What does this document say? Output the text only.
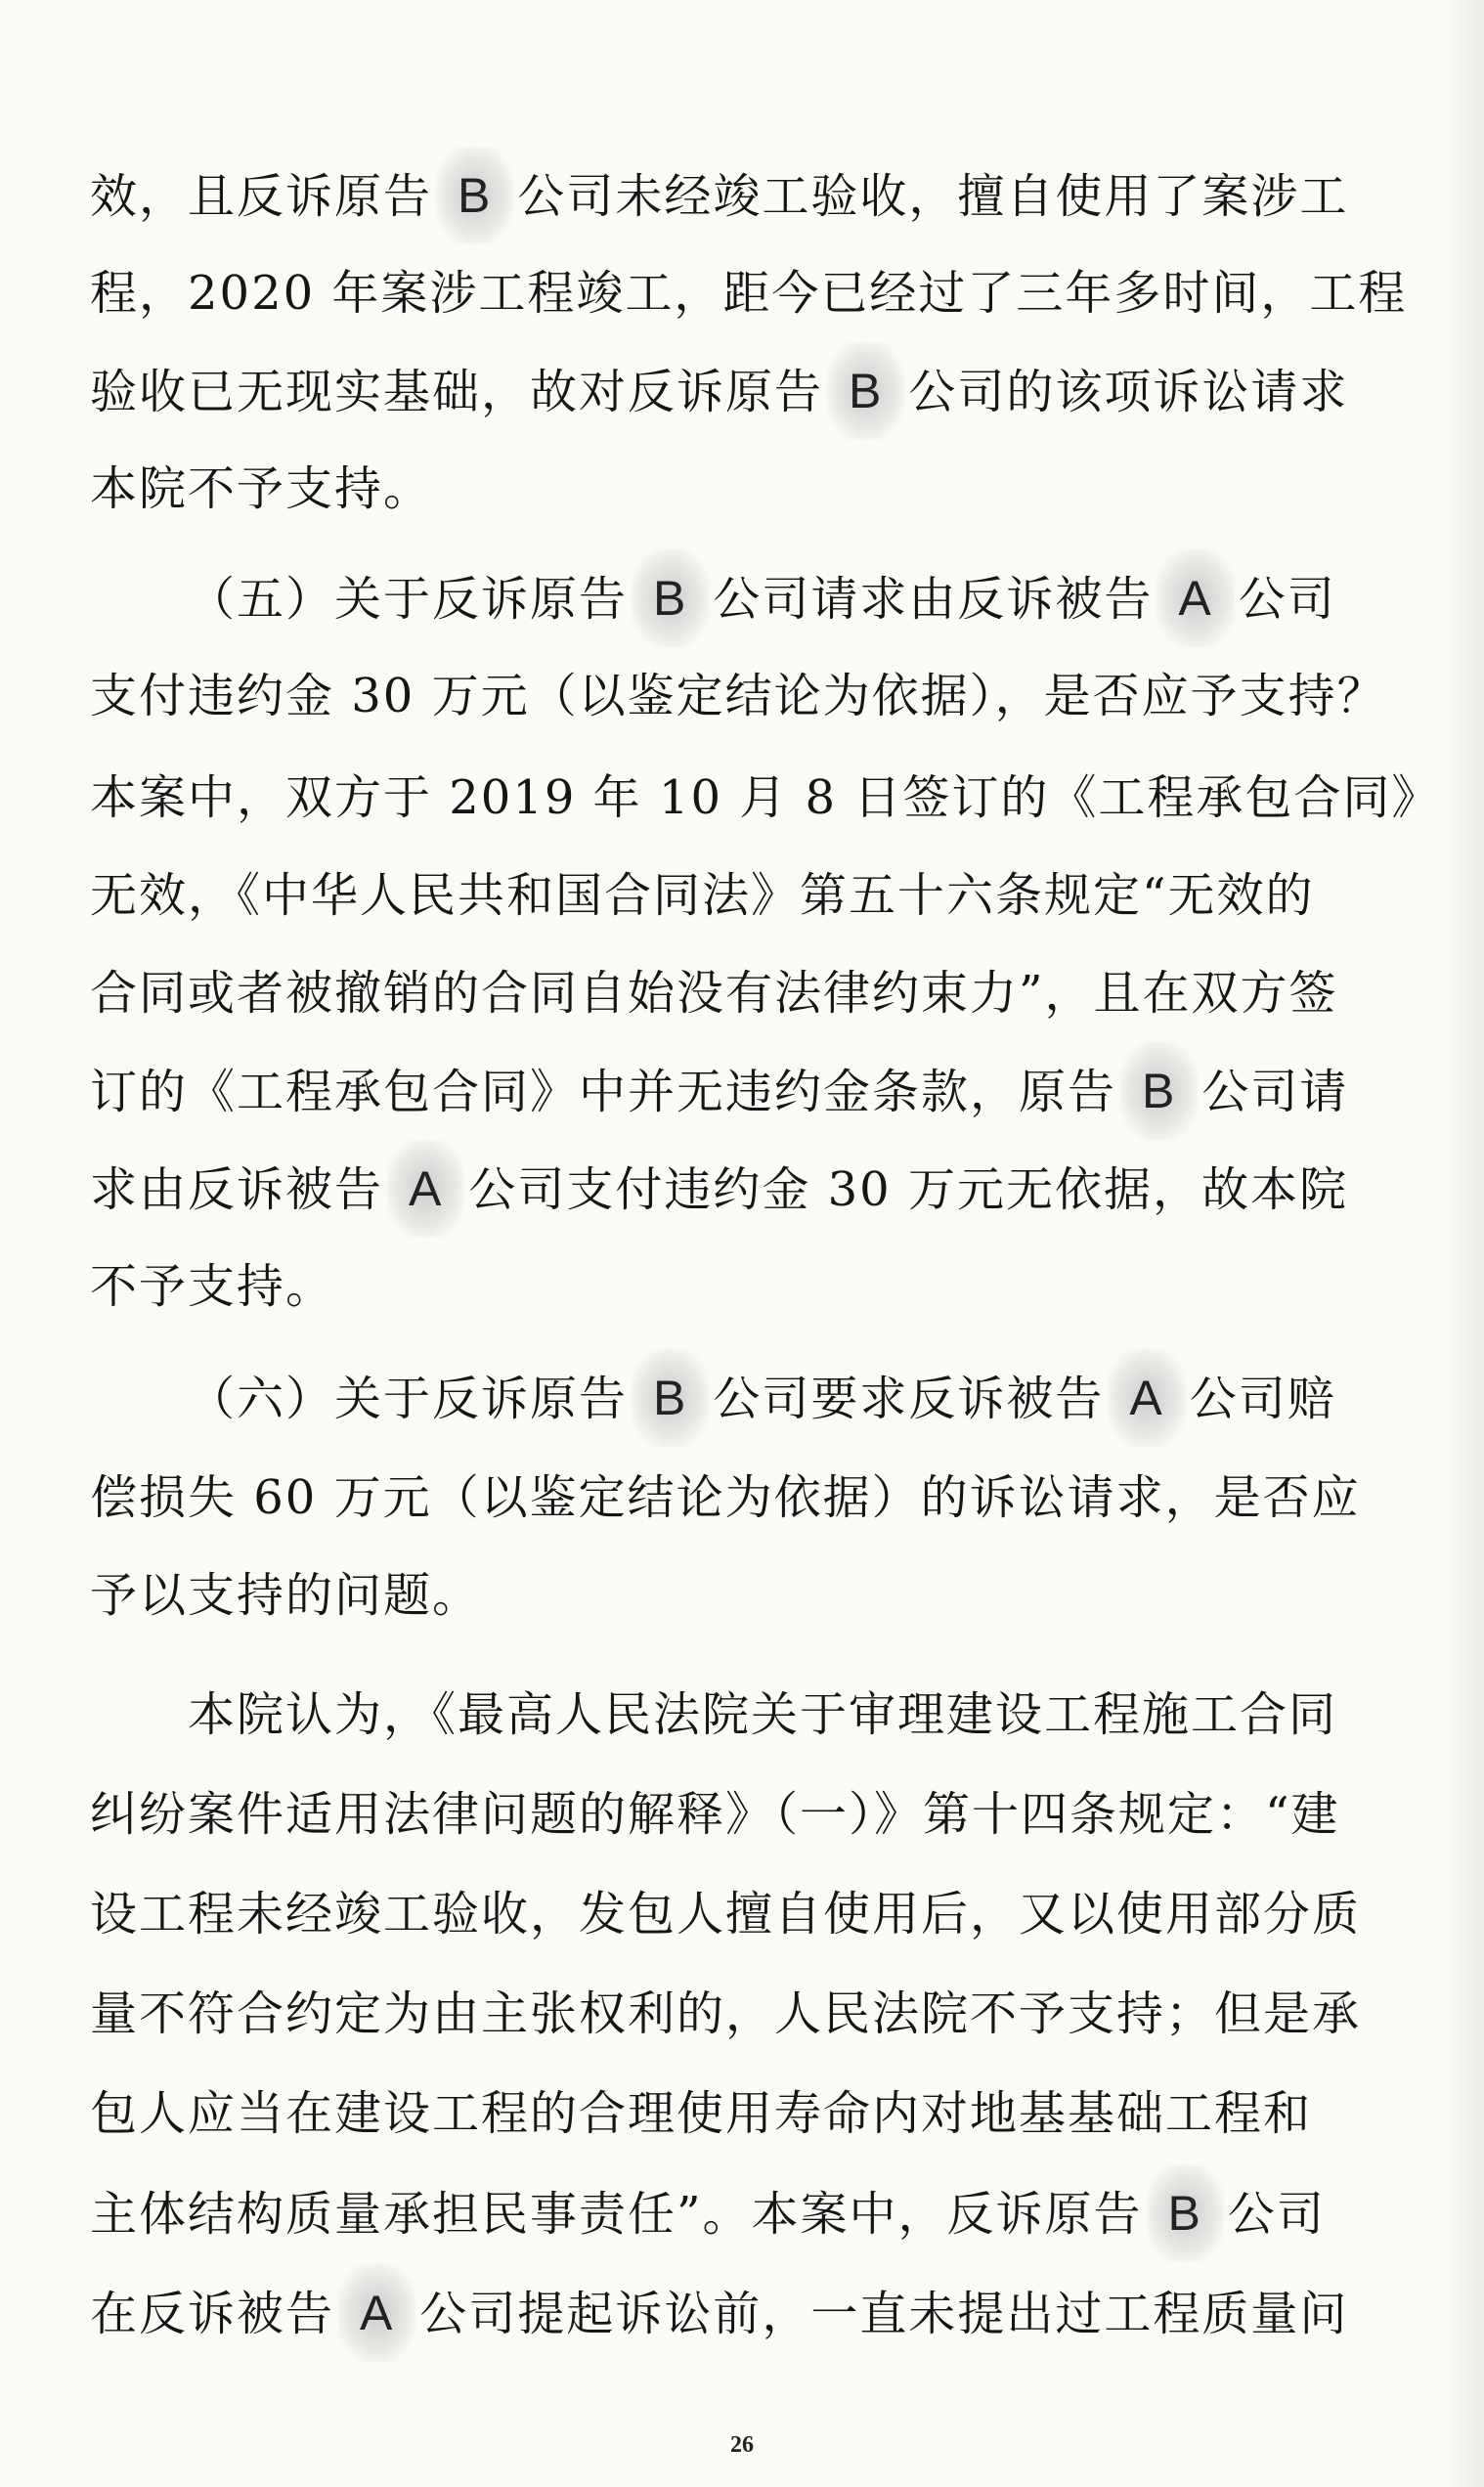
效，且反诉原告 B 公司未经竣工验收，擅自使用了案涉工
程，2020 年案涉工程竣工，距今已经过了三年多时间，工程
验收已无现实基础，故对反诉原告 B 公司的该项诉讼请求
本院不予支持。
（五）关于反诉原告 B 公司请求由反诉被告 A 公司
支付违约金 30 万元（以鉴定结论为依据），是否应予支持？
本案中，双方于 2019 年 10 月 8 日签订的《工程承包合同》
无效，《中华人民共和国合同法》第五十六条规定“无效的
合同或者被撤销的合同自始没有法律约束力”，且在双方签
订的《工程承包合同》中并无违约金条款，原告 B 公司请
求由反诉被告 A 公司支付违约金 30 万元无依据，故本院
不予支持。
（六）关于反诉原告 B 公司要求反诉被告 A 公司赔
偿损失 60 万元（以鉴定结论为依据）的诉讼请求，是否应
予以支持的问题。
本院认为，《最高人民法院关于审理建设工程施工合同
纠纷案件适用法律问题的解释》（一）》第十四条规定：“建
设工程未经竣工验收，发包人擅自使用后，又以使用部分质
量不符合约定为由主张权利的，人民法院不予支持；但是承
包人应当在建设工程的合理使用寿命内对地基基础工程和
主体结构质量承担民事责任”。本案中，反诉原告 B 公司
在反诉被告 A 公司提起诉讼前，一直未提出过工程质量问
26
